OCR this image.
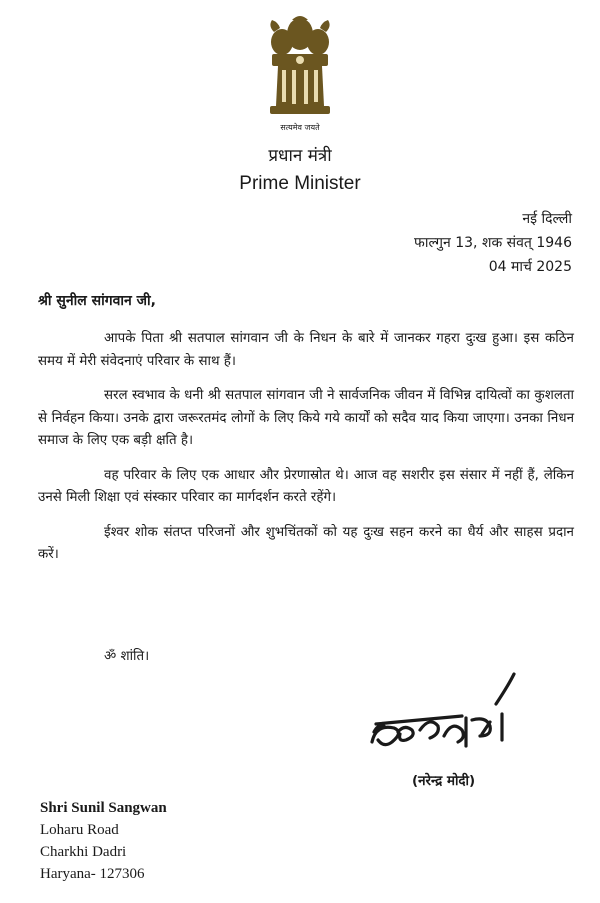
सत्यमेव जयते
प्रधान मंत्री
Prime Minister
नई दिल्ली
फाल्गुन 13, शक संवत् 1946
04 मार्च 2025
श्री सुनील सांगवान जी,

आपके पिता श्री सतपाल सांगवान जी के निधन के बारे में जानकर गहरा दुःख हुआ। इस कठिन समय में मेरी संवेदनाएं परिवार के साथ हैं।

सरल स्वभाव के धनी श्री सतपाल सांगवान जी ने सार्वजनिक जीवन में विभिन्न दायित्वों का कुशलता से निर्वहन किया। उनके द्वारा जरूरतमंद लोगों के लिए किये गये कार्यों को सदैव याद किया जाएगा। उनका निधन समाज के लिए एक बड़ी क्षति है।

वह परिवार के लिए एक आधार और प्रेरणास्रोत थे। आज वह सशरीर इस संसार में नहीं हैं, लेकिन उनसे मिली शिक्षा एवं संस्कार परिवार का मार्गदर्शन करते रहेंगे।

ईश्वर शोक संतप्त परिजनों और शुभचिंतकों को यह दुःख सहन करने का धैर्य और साहस प्रदान करें।

ॐ शांति।
(नरेन्द्र मोदी)
Shri Sunil Sangwan
Loharu Road
Charkhi Dadri
Haryana- 127306
